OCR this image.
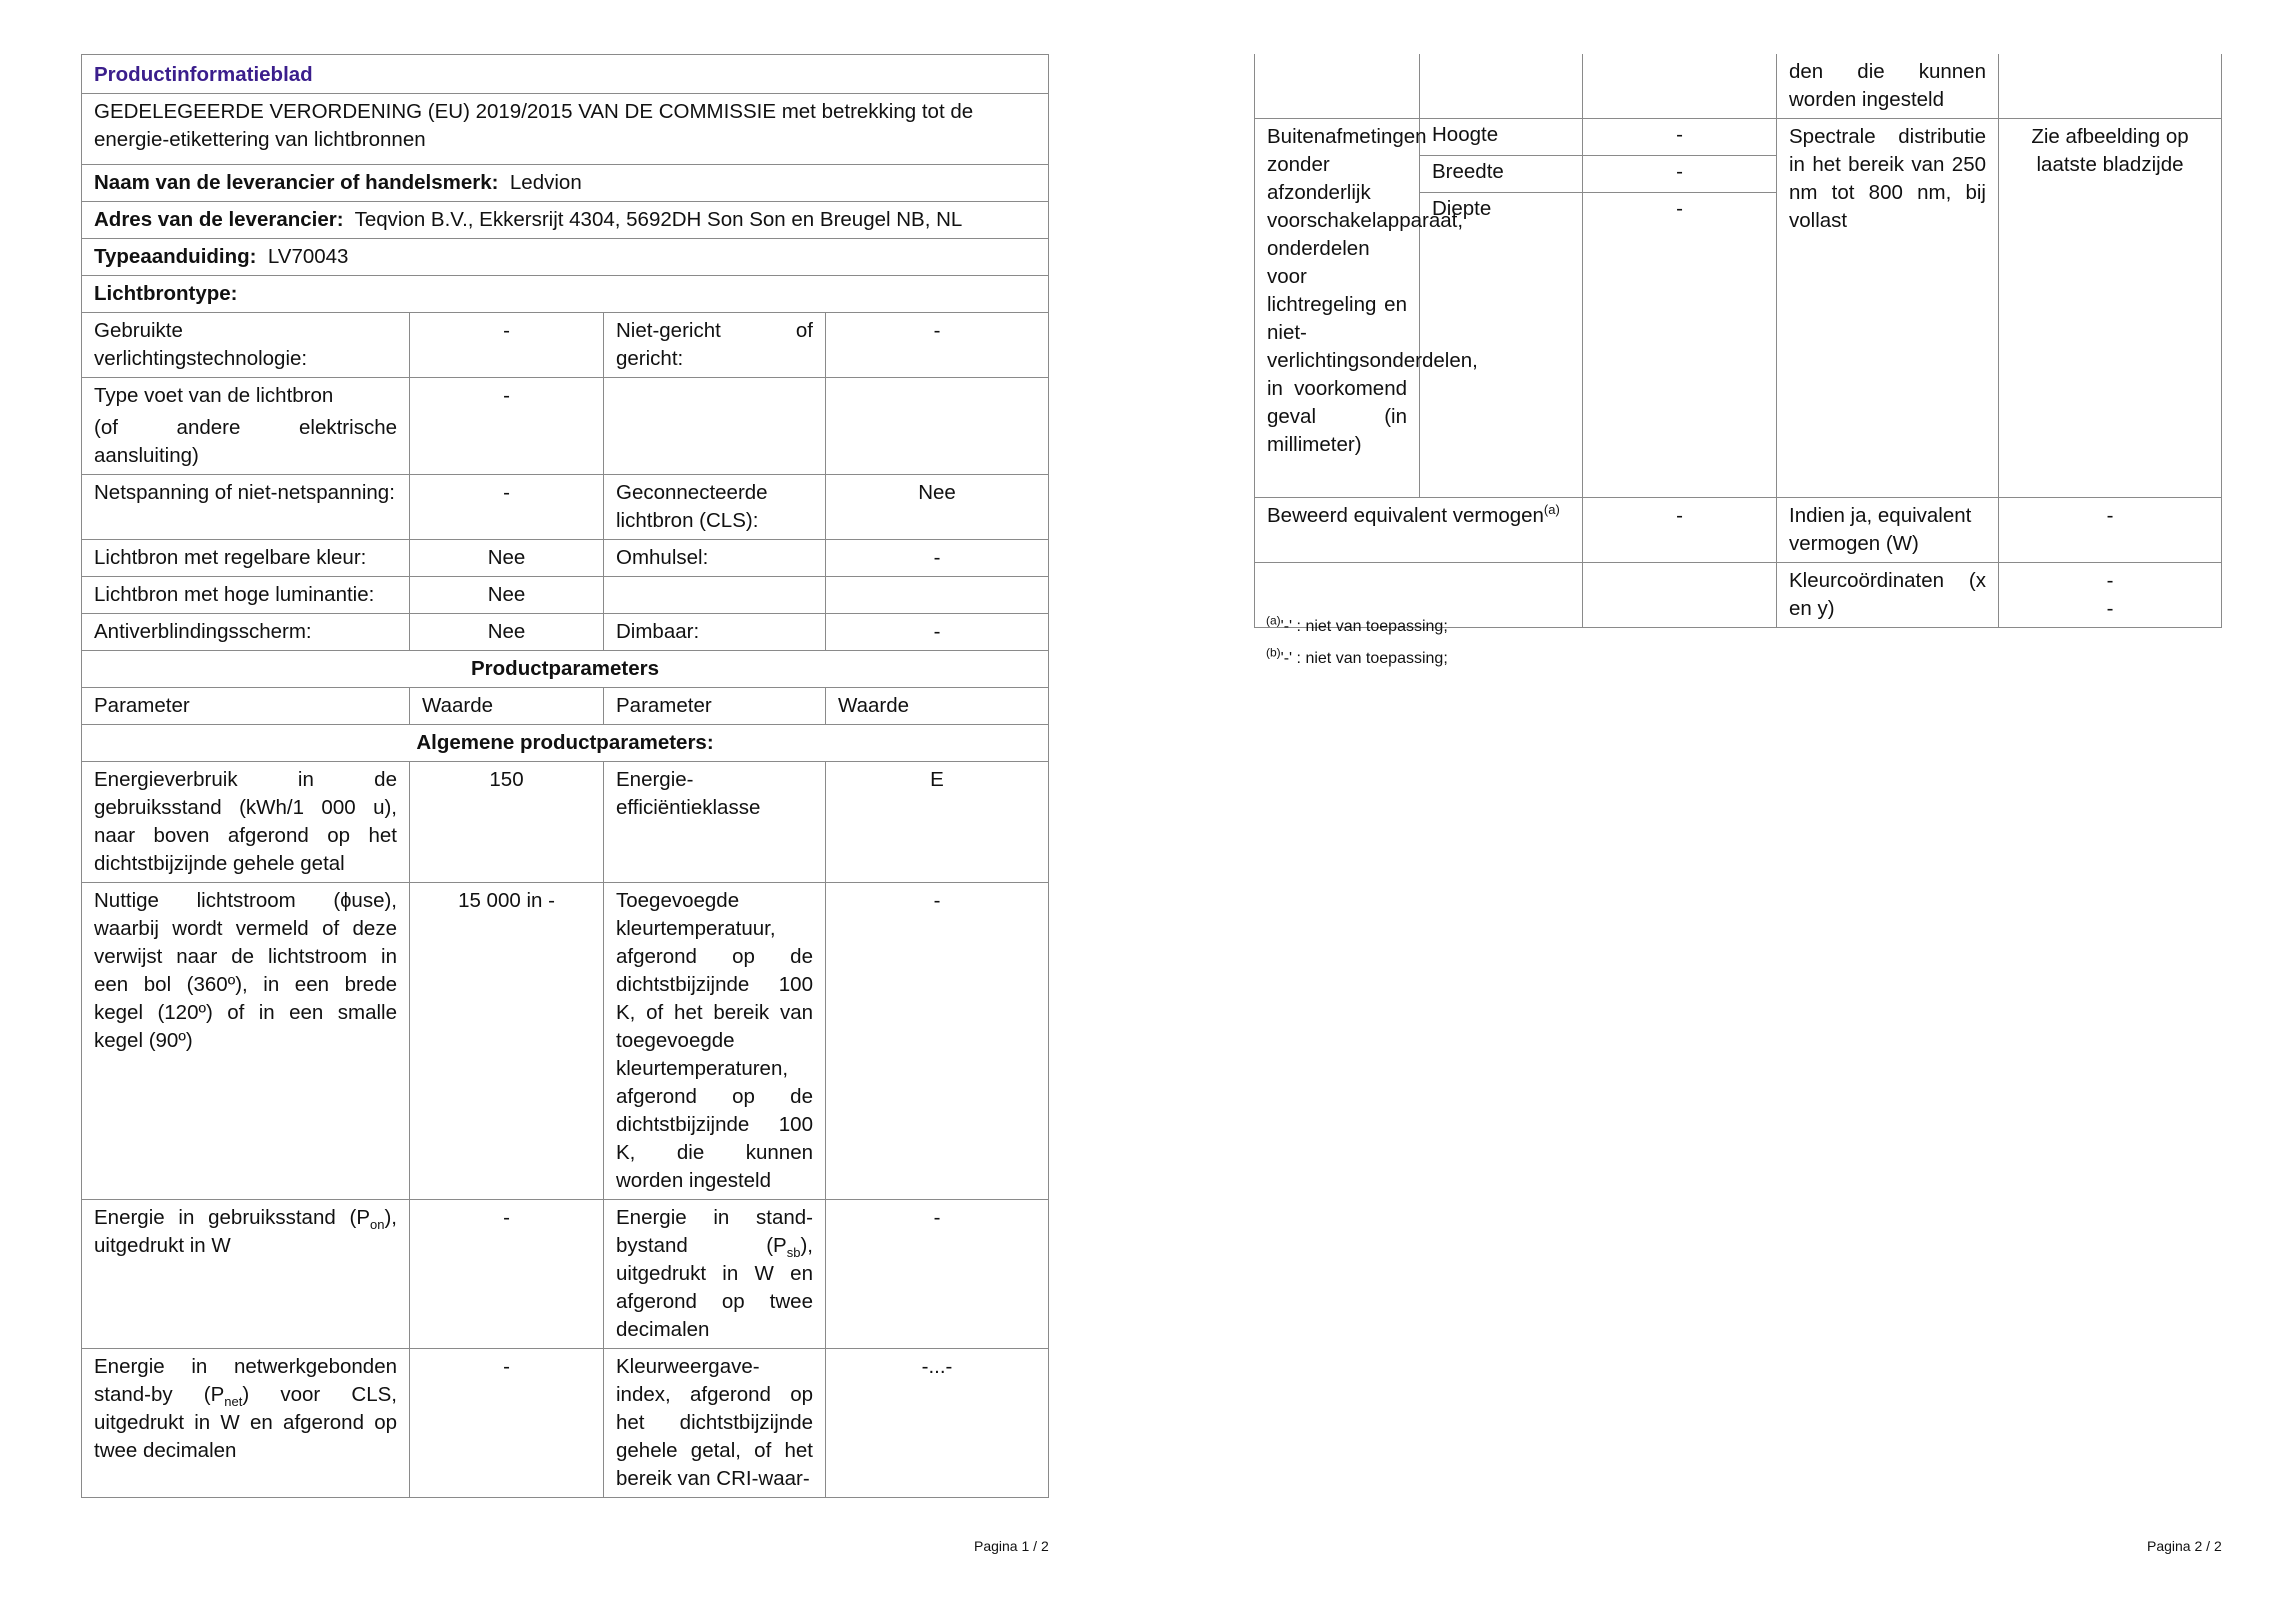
Productinformatieblad			
GEDELEGEERDE VERORDENING (EU) 2019/2015 VAN DE COMMISSIE met betrekking tot de energie-etikettering van lichtbronnen			
Naam van de leverancier of handelsmerk: Ledvion			
Adres van de leverancier: Teqvion B.V., Ekkersrijt 4304, 5692DH Son Son en Breugel NB, NL			
Typeaanduiding: LV70043			
Lichtbrontype:			
Gebruikte verlichtingstechnologie:	-	Niet-gericht of gericht:	-

Type voet van de lichtbron
(of andere elektrische aansluiting)	-		
Netspanning of niet-netspanning:	-	Geconnecteerde lichtbron (CLS):	Nee
Lichtbron met regelbare kleur:	Nee	Omhulsel:	-
Lichtbron met hoge luminantie:	Nee		
Antiverblindingsscherm:	Nee	Dimbaar:	-
Productparameters			
Parameter	Waarde	Parameter	Waarde
Algemene productparameters:			
Energieverbruik in de gebruiksstand (kWh/1 000 u), naar boven afgerond op het dichtstbijzijnde gehele getal	150	Energie-efficiëntieklasse	E
Nuttige lichtstroom (ɸuse), waarbij wordt vermeld of deze verwijst naar de lichtstroom in een bol (360º), in een brede kegel (120º) of in een smalle kegel (90º)	15 000 in -	Toegevoegde kleurtemperatuur, afgerond op de dichtstbijzijnde 100 K, of het bereik van toegevoegde kleurtemperaturen, afgerond op de dichtstbijzijnde 100 K, die kunnen worden ingesteld	-
Energie in gebruiksstand $(P_{on})$, uitgedrukt in W	-	Energie in stand-bystand $(P_{sb})$, uitgedrukt in W en afgerond op twee decimalen	-
Energie in netwerkgebonden stand-by $(P_{net})$ voor CLS, uitgedrukt in W en afgerond op twee decimalen	-	Kleurweergave-index, afgerond op het dichtstbijzijnde gehele getal, of het bereik van CRI-waar-	-...-
Pagina 1 / 2
			den die kunnen worden ingesteld	
Buitenafmetingen zonder afzonderlijk voorschakelapparaat, onderdelen voor lichtregeling en niet-verlichtingsonderdelen, in voorkomend geval (in millimeter)	Hoogte	-	Spectrale distributie in het bereik van 250 nm tot 800 nm, bij vollast	Zie afbeelding op laatste bladzijde
	Breedte	-		
	Diepte	-		
Beweerd equivalent vermogen$^{(a)}$		-	Indien ja, equivalent vermogen (W)	-
			Kleurcoördinaten (x en y)	-
-
$^{(a)}$'-' : niet van toepassing;
$^{(b)}$'-' : niet van toepassing;
Pagina 2 / 2
